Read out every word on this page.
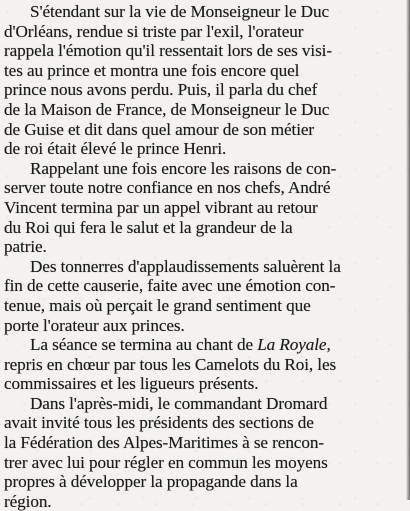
S'étendant sur la vie de Monseigneur le Duc
d'Orléans, rendue si triste par l'exil, l'orateur
rappela l'émotion qu'il ressentait lors de ses visi-
tes au prince et montra une fois encore quel
prince nous avons perdu. Puis, il parla du chef
de la Maison de France, de Monseigneur le Duc
de Guise et dit dans quel amour de son métier
de roi était élevé le prince Henri.

Rappelant une fois encore les raisons de con-
server toute notre confiance en nos chefs, André
Vincent termina par un appel vibrant au retour
du Roi qui fera le salut et la grandeur de la
patrie.

Des tonnerres d'applaudissements saluèrent la
fin de cette causerie, faite avec une émotion con-
tenue, mais où perçait le grand sentiment que
porte l'orateur aux princes.

La séance se termina au chant de La Royale,
repris en chœur par tous les Camelots du Roi, les
commissaires et les ligueurs présents.

Dans l'après-midi, le commandant Dromard
avait invité tous les présidents des sections de
la Fédération des Alpes-Maritimes à se rencon-
trer avec lui pour régler en commun les moyens
propres à développer la propagande dans la
région.
